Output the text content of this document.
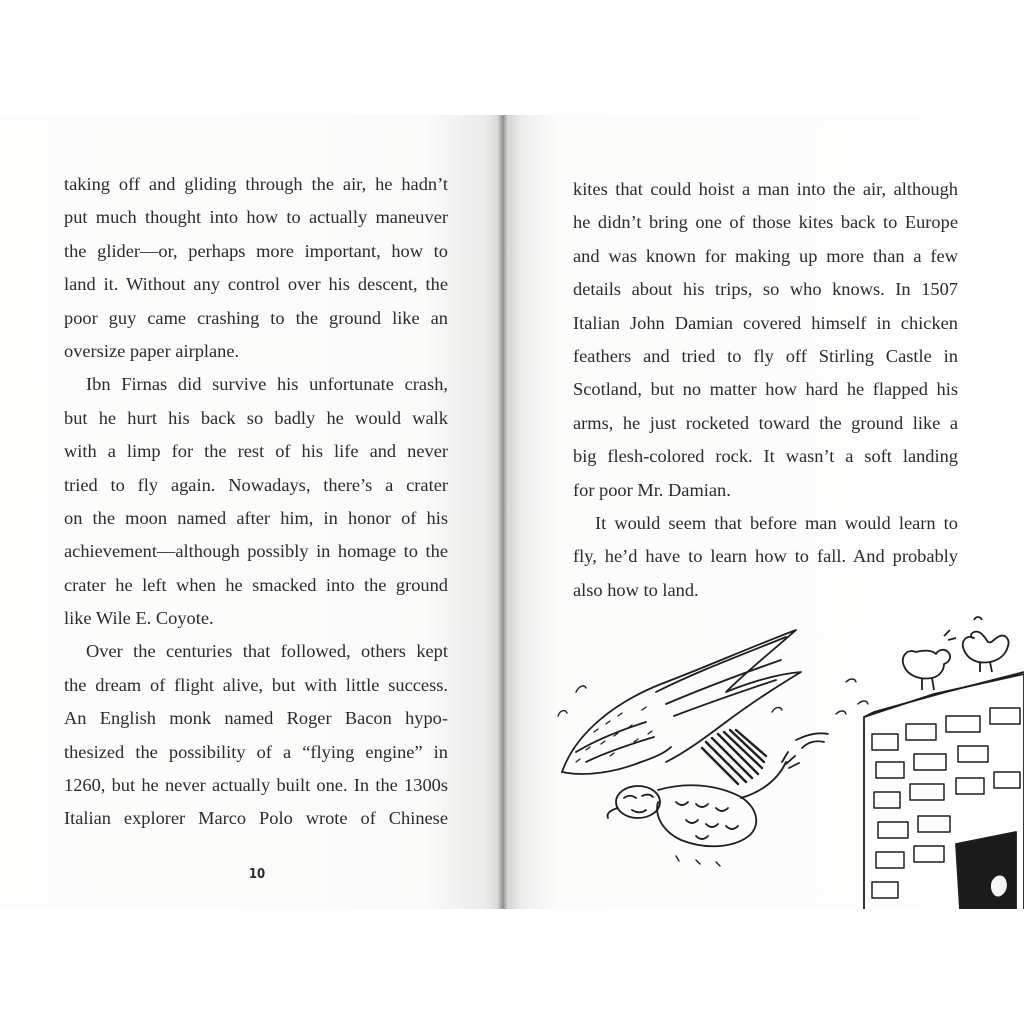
taking off and gliding through the air, he hadn’t
put much thought into how to actually maneuver
the glider—or, perhaps more important, how to
land it. Without any control over his descent, the
poor guy came crashing to the ground like an
oversize paper airplane.
Ibn Firnas did survive his unfortunate crash,
but he hurt his back so badly he would walk
with a limp for the rest of his life and never
tried to fly again. Nowadays, there’s a crater
on the moon named after him, in honor of his
achievement—although possibly in homage to the
crater he left when he smacked into the ground
like Wile E. Coyote.
Over the centuries that followed, others kept
the dream of flight alive, but with little success.
An English monk named Roger Bacon hypo-
thesized the possibility of a “flying engine” in
1260, but he never actually built one. In the 1300s
Italian explorer Marco Polo wrote of Chinese
10
kites that could hoist a man into the air, although
he didn’t bring one of those kites back to Europe
and was known for making up more than a few
details about his trips, so who knows. In 1507
Italian John Damian covered himself in chicken
feathers and tried to fly off Stirling Castle in
Scotland, but no matter how hard he flapped his
arms, he just rocketed toward the ground like a
big flesh-colored rock. It wasn’t a soft landing
for poor Mr. Damian.
It would seem that before man would learn to
fly, he’d have to learn how to fall. And probably
also how to land.
